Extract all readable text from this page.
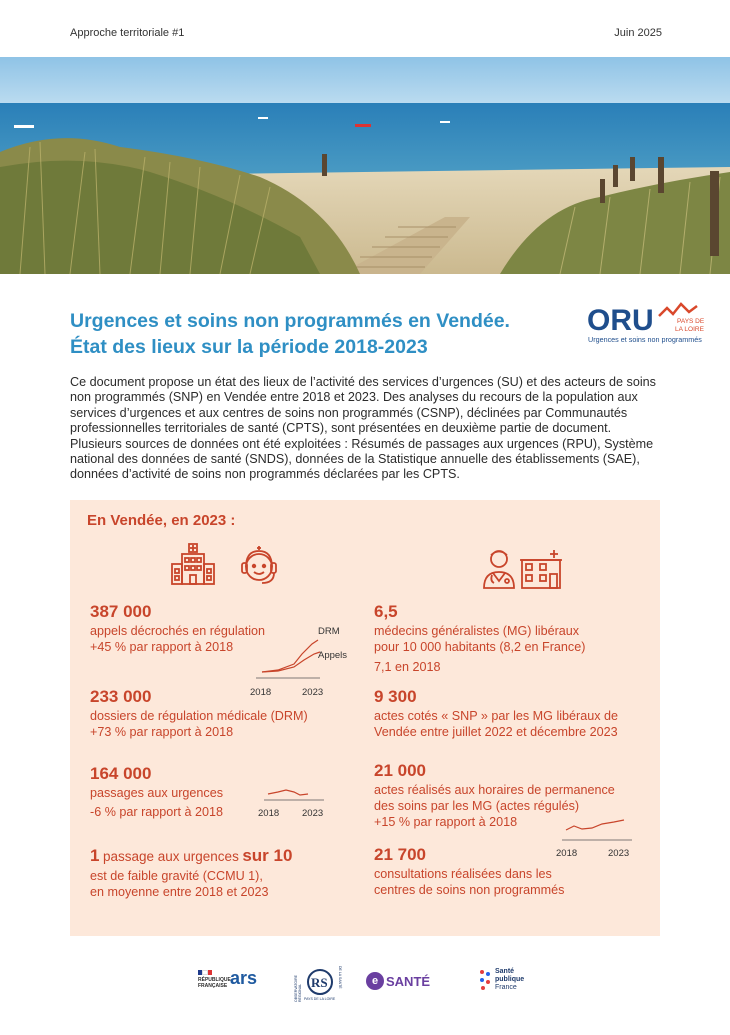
Approche territoriale #1	Juin 2025
Urgences et soins non programmés en Vendée.
État des lieux sur la période 2018-2023
ORU	PAYS DE
LA LOIRE
Urgences et soins non programmés
Ce document propose un état des lieux de l’activité des services d’urgences (SU) et des acteurs de soins non programmés (SNP) en Vendée entre 2018 et 2023. Des analyses du recours de la population aux services d’urgences et aux centres de soins non programmés (CSNP), déclinées par Communautés professionnelles territoriales de santé (CPTS), sont présentées en deuxième partie de document. Plusieurs sources de données ont été exploitées : Résumés de passages aux urgences (RPU), Système national des données de santé (SNDS), données de la Statistique annuelle des établissements (SAE), données d’activité de soins non programmés déclarées par les CPTS.
En Vendée, en 2023 :
387 000
appels décrochés en régulation
+45 % par rapport à 2018
DRM
Appels
2018	2023
233 000
dossiers de régulation médicale (DRM)
+73 % par rapport à 2018
164 000
passages aux urgences
-6 % par rapport à 2018	2018 2023
1 passage aux urgences sur 10
est de faible gravité (CCMU 1),
en moyenne entre 2018 et 2023
6,5
médecins généralistes (MG) libéraux
pour 10 000 habitants (8,2 en France)
7,1 en 2018
9 300
actes cotés « SNP » par les MG libéraux de
Vendée entre juillet 2022 et décembre 2023
21 000
actes réalisés aux horaires de permanence
des soins par les MG (actes régulés)
+15 % par rapport à 2018
2018	2023
21 700
consultations réalisées dans les
centres de soins non programmés
RÉPUBLIQUE
FRANÇAISE ars	RS
OBSERVATOIRE RÉGIONAL
DE LA SANTÉ
PAYS DE LA LOIRE
e SANTÉ
Santé
publique
France
